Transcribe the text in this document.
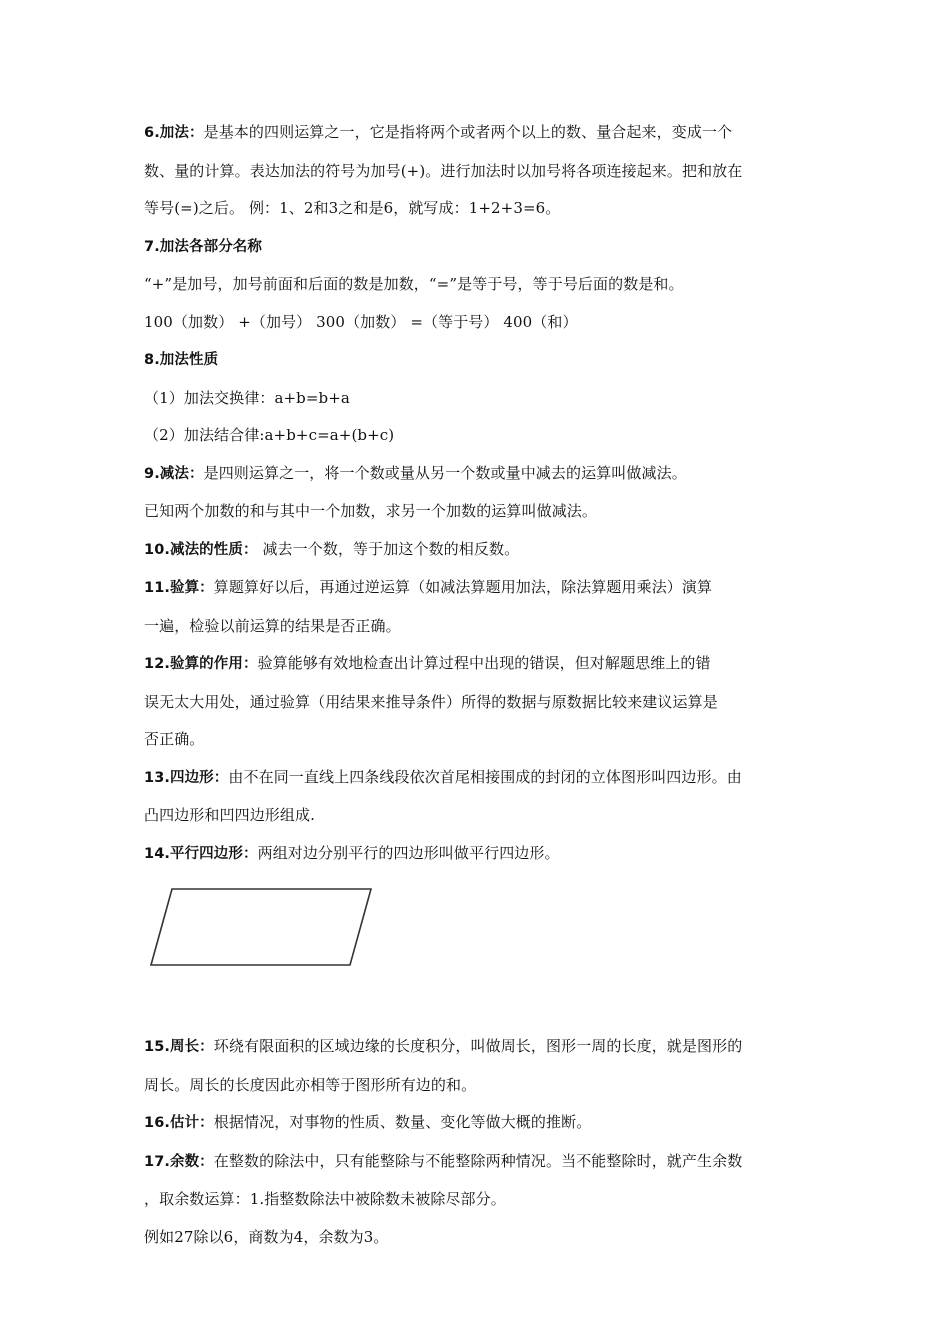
6.加法：是基本的四则运算之一，它是指将两个或者两个以上的数、量合起来，变成一个
数、量的计算。表达加法的符号为加号(+)。进行加法时以加号将各项连接起来。把和放在
等号(=)之后。 例：1、2和3之和是6，就写成：1+2+3=6。
7.加法各部分名称
“+”是加号，加号前面和后面的数是加数，“=”是等于号，等于号后面的数是和。
100（加数） +（加号） 300（加数） =（等于号） 400（和）
8.加法性质
（1）加法交换律：a+b=b+a
（2）加法结合律:a+b+c=a+(b+c)
9.减法：是四则运算之一，将一个数或量从另一个数或量中减去的运算叫做减法。
已知两个加数的和与其中一个加数，求另一个加数的运算叫做减法。
10.减法的性质： 减去一个数，等于加这个数的相反数。
11.验算：算题算好以后，再通过逆运算（如减法算题用加法，除法算题用乘法）演算
一遍，检验以前运算的结果是否正确。
12.验算的作用：验算能够有效地检查出计算过程中出现的错误，但对解题思维上的错
误无太大用处，通过验算（用结果来推导条件）所得的数据与原数据比较来建议运算是
否正确。
13.四边形：由不在同一直线上四条线段依次首尾相接围成的封闭的立体图形叫四边形。由
凸四边形和凹四边形组成.
14.平行四边形：两组对边分别平行的四边形叫做平行四边形。
15.周长：环绕有限面积的区域边缘的长度积分，叫做周长，图形一周的长度，就是图形的
周长。周长的长度因此亦相等于图形所有边的和。
16.估计：根据情况，对事物的性质、数量、变化等做大概的推断。
17.余数：在整数的除法中，只有能整除与不能整除两种情况。当不能整除时，就产生余数
，取余数运算：1.指整数除法中被除数未被除尽部分。
例如27除以6，商数为4，余数为3。
